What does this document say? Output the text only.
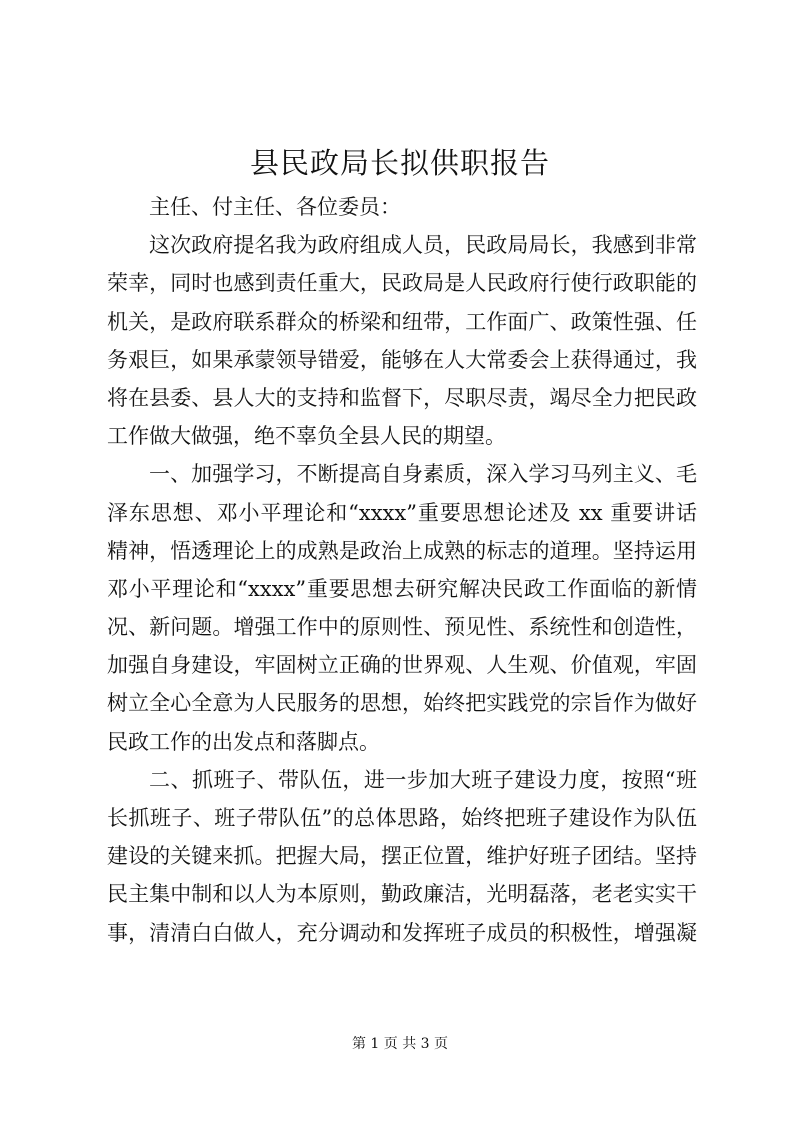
县民政局长拟供职报告
主任、付主任、各位委员：
这次政府提名我为政府组成人员，民政局局长，我感到非常
荣幸，同时也感到责任重大，民政局是人民政府行使行政职能的
机关，是政府联系群众的桥梁和纽带，工作面广、政策性强、任
务艰巨，如果承蒙领导错爱，能够在人大常委会上获得通过，我
将在县委、县人大的支持和监督下，尽职尽责，竭尽全力把民政
工作做大做强，绝不辜负全县人民的期望。
一、加强学习，不断提高自身素质，深入学习马列主义、毛
泽东思想、邓小平理论和“xxxx”重要思想论述及 xx 重要讲话
精神，悟透理论上的成熟是政治上成熟的标志的道理。坚持运用
邓小平理论和“xxxx”重要思想去研究解决民政工作面临的新情
况、新问题。增强工作中的原则性、预见性、系统性和创造性，
加强自身建设，牢固树立正确的世界观、人生观、价值观，牢固
树立全心全意为人民服务的思想，始终把实践党的宗旨作为做好
民政工作的出发点和落脚点。
二、抓班子、带队伍，进一步加大班子建设力度，按照“班
长抓班子、班子带队伍”的总体思路，始终把班子建设作为队伍
建设的关键来抓。把握大局，摆正位置，维护好班子团结。坚持
民主集中制和以人为本原则，勤政廉洁，光明磊落，老老实实干
事，清清白白做人，充分调动和发挥班子成员的积极性，增强凝
第 1 页 共 3 页
